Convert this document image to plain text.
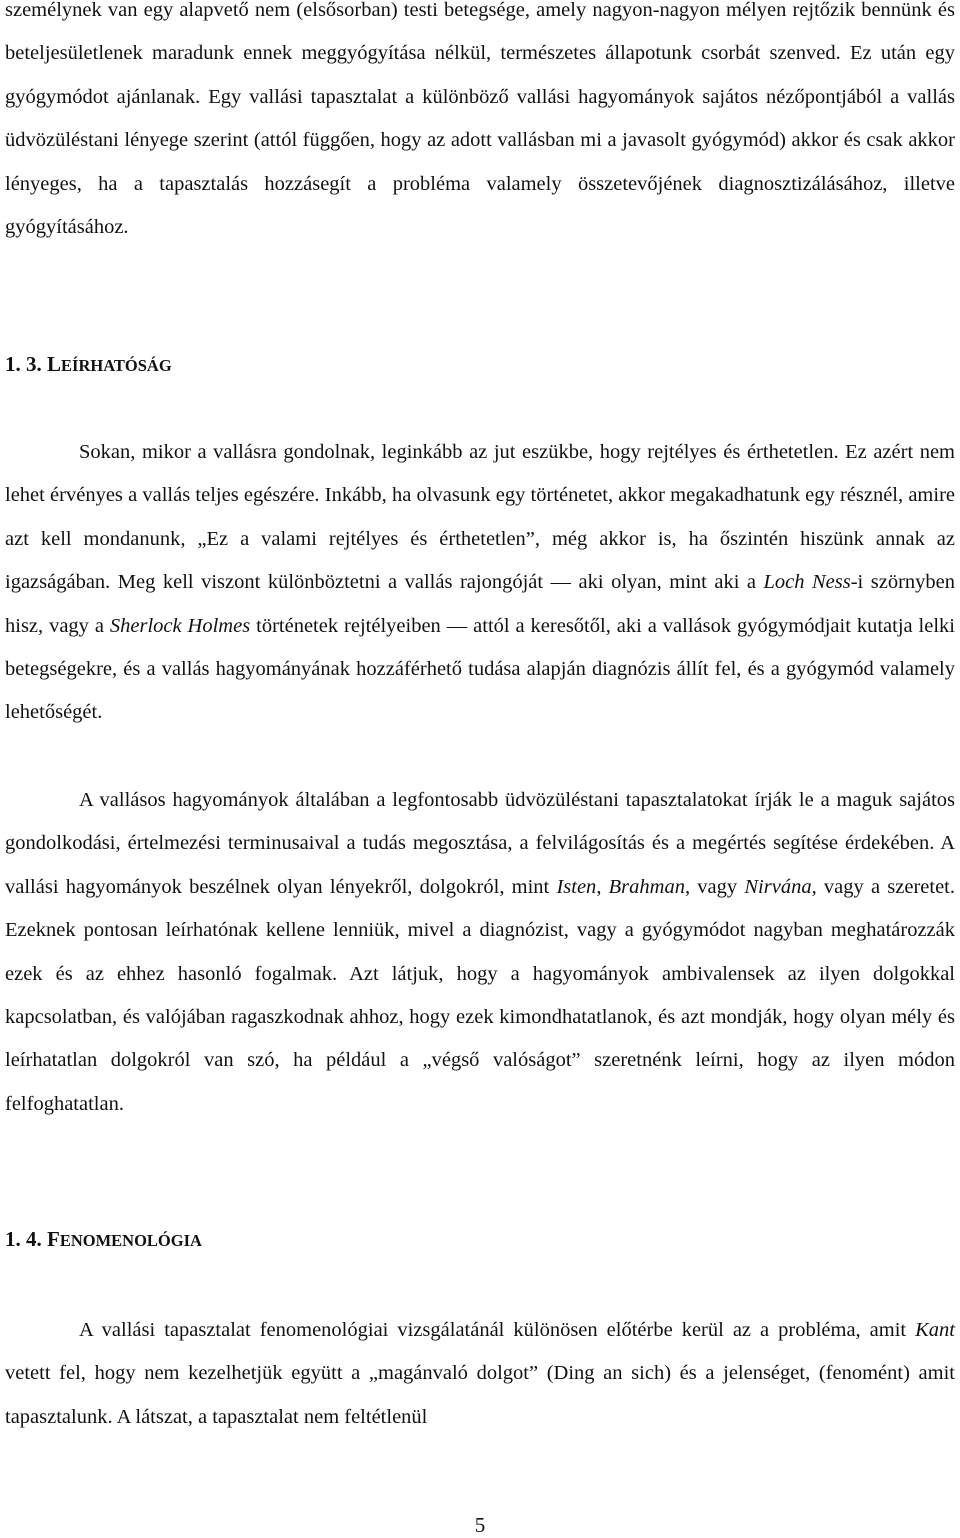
személynek van egy alapvető nem (elsősorban) testi betegsége, amely nagyon-nagyon mélyen rejtőzik bennünk és beteljesületlenek maradunk ennek meggyógyítása nélkül, természetes állapotunk csorbát szenved. Ez után egy gyógymódot ajánlanak. Egy vallási tapasztalat a különböző vallási hagyományok sajátos nézőpontjából a vallás üdvözüléstani lényege szerint (attól függően, hogy az adott vallásban mi a javasolt gyógymód) akkor és csak akkor lényeges, ha a tapasztalás hozzásegít a probléma valamely összetevőjének diagnosztizálásához, illetve gyógyításához.

1. 3. LEÍRHATÓSÁG

Sokan, mikor a vallásra gondolnak, leginkább az jut eszükbe, hogy rejtélyes és érthetetlen. Ez azért nem lehet érvényes a vallás teljes egészére. Inkább, ha olvasunk egy történetet, akkor megakadhatunk egy résznél, amire azt kell mondanunk, „Ez a valami rejtélyes és érthetetlen”, még akkor is, ha őszintén hiszünk annak az igazságában. Meg kell viszont különböztetni a vallás rajongóját — aki olyan, mint aki a Loch Ness-i szörnyben hisz, vagy a Sherlock Holmes történetek rejtélyeiben — attól a keresőtől, aki a vallások gyógymódjait kutatja lelki betegségekre, és a vallás hagyományának hozzáférhető tudása alapján diagnózis állít fel, és a gyógymód valamely lehetőségét.

A vallásos hagyományok általában a legfontosabb üdvözüléstani tapasztalatokat írják le a maguk sajátos gondolkodási, értelmezési terminusaival a tudás megosztása, a felvilágosítás és a megértés segítése érdekében. A vallási hagyományok beszélnek olyan lényekről, dolgokról, mint Isten, Brahman, vagy Nirvána, vagy a szeretet. Ezeknek pontosan leírhatónak kellene lenniük, mivel a diagnózist, vagy a gyógymódot nagyban meghatározzák ezek és az ehhez hasonló fogalmak. Azt látjuk, hogy a hagyományok ambivalensek az ilyen dolgokkal kapcsolatban, és valójában ragaszkodnak ahhoz, hogy ezek kimondhatatlanok, és azt mondják, hogy olyan mély és leírhatatlan dolgokról van szó, ha például a „végső valóságot” szeretnénk leírni, hogy az ilyen módon felfoghatatlan.

1. 4. FENOMENOLÓGIA

A vallási tapasztalat fenomenológiai vizsgálatánál különösen előtérbe kerül az a probléma, amit Kant vetett fel, hogy nem kezelhetjük együtt a „magánvaló dolgot” (Ding an sich) és a jelenséget, (fenomént) amit tapasztalunk. A látszat, a tapasztalat nem feltétlenül

5
